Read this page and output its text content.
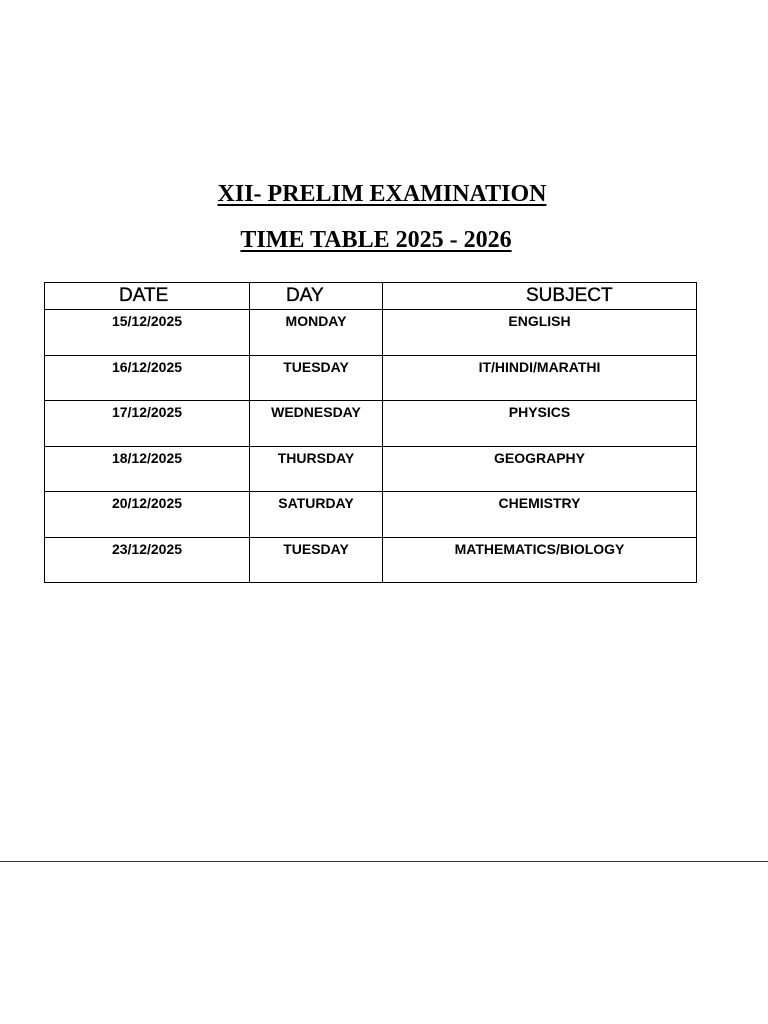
XII- PRELIM EXAMINATION
TIME TABLE 2025 - 2026
DATE	DAY	SUBJECT
15/12/2025	MONDAY	ENGLISH
16/12/2025	TUESDAY	IT/HINDI/MARATHI
17/12/2025	WEDNESDAY	PHYSICS
18/12/2025	THURSDAY	GEOGRAPHY
20/12/2025	SATURDAY	CHEMISTRY
23/12/2025	TUESDAY	MATHEMATICS/BIOLOGY
